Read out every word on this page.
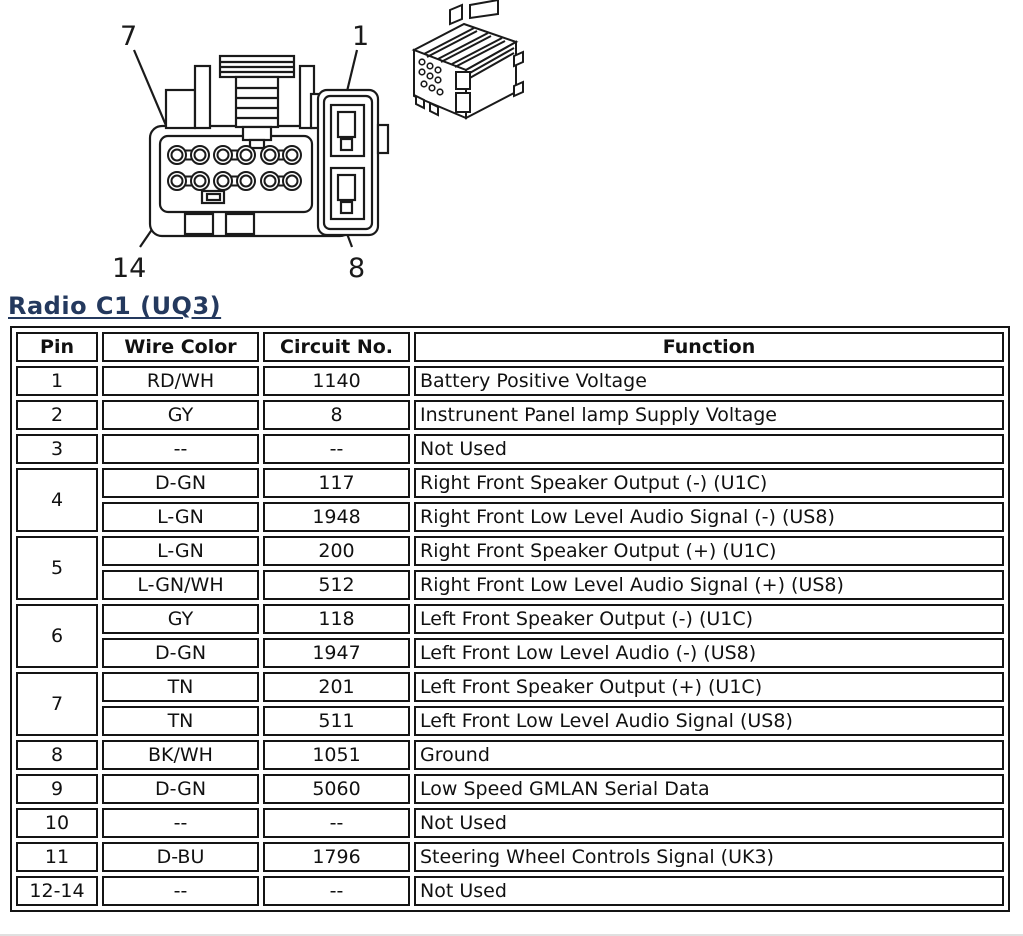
7	1
14	8
Radio C1 (UQ3)
Pin	Wire Color	Circuit No.	Function
1	RD/WH	1140	Battery Positive Voltage
2	GY	8	Instrunent Panel lamp Supply Voltage
3	--	--	Not Used
4	D-GN	117	Right Front Speaker Output (-) (U1C)
	L-GN	1948	Right Front Low Level Audio Signal (-) (US8)
5	L-GN	200	Right Front Speaker Output (+) (U1C)
	L-GN/WH	512	Right Front Low Level Audio Signal (+) (US8)
6	GY	118	Left Front Speaker Output (-) (U1C)
	D-GN	1947	Left Front Low Level Audio (-) (US8)
7	TN	201	Left Front Speaker Output (+) (U1C)
	TN	511	Left Front Low Level Audio Signal (US8)
8	BK/WH	1051	Ground
9	D-GN	5060	Low Speed GMLAN Serial Data
10	--	--	Not Used
11	D-BU	1796	Steering Wheel Controls Signal (UK3)
12-14	--	--	Not Used
